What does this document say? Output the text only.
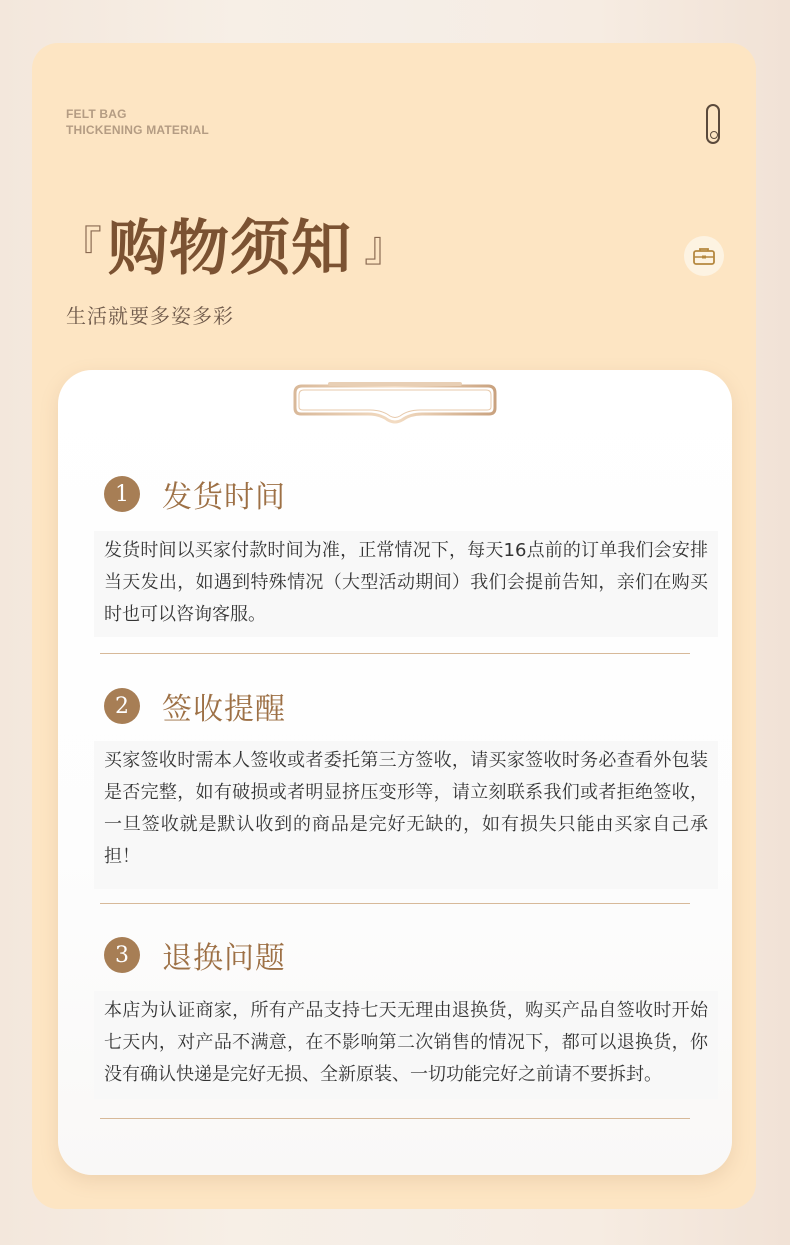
FELT BAG
THICKENING MATERIAL
『 购物须知 』
生活就要多姿多彩
1	发货时间

发货时间以买家付款时间为准，正常情况下，每天16点前的订单我们会安排当天发出，如遇到特殊情况（大型活动期间）我们会提前告知，亲们在购买时也可以咨询客服。

2	签收提醒

买家签收时需本人签收或者委托第三方签收，请买家签收时务必查看外包装是否完整，如有破损或者明显挤压变形等，请立刻联系我们或者拒绝签收，一旦签收就是默认收到的商品是完好无缺的，如有损失只能由买家自己承担！

3	退换问题

本店为认证商家，所有产品支持七天无理由退换货，购买产品自签收时开始七天内，对产品不满意，在不影响第二次销售的情况下，都可以退换货，你没有确认快递是完好无损、全新原装、一切功能完好之前请不要拆封。
